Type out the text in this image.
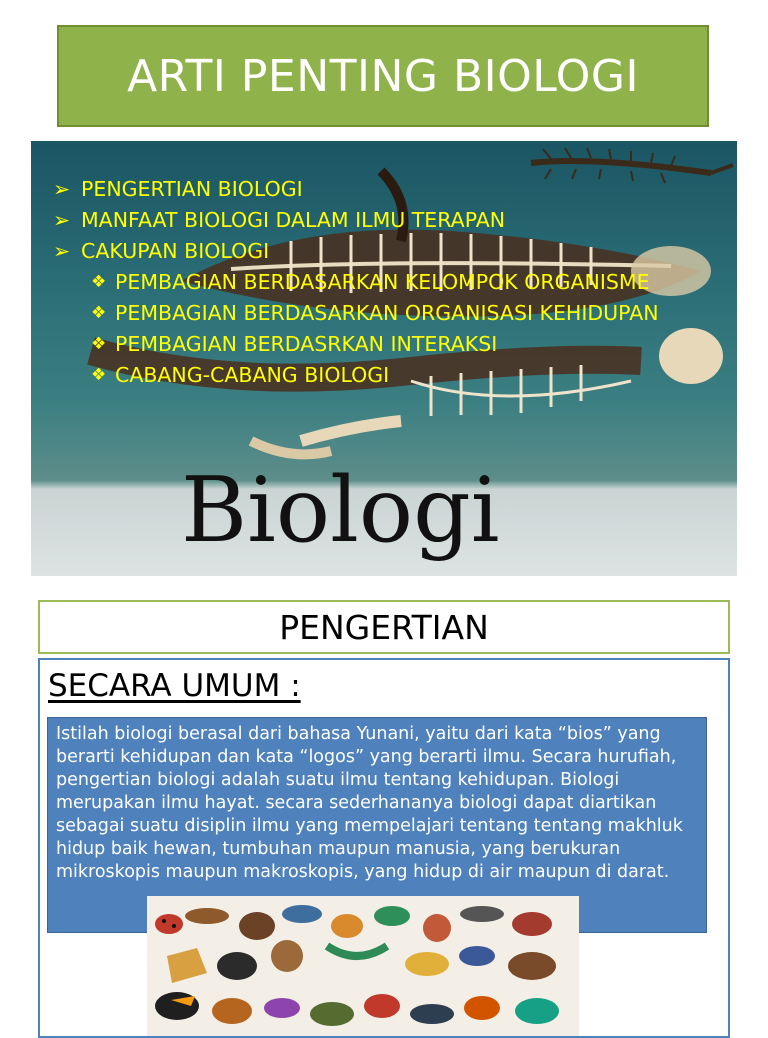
ARTI PENTING BIOLOGI
Biologi
➢ PENGERTIAN BIOLOGI
➢ MANFAAT BIOLOGI DALAM ILMU TERAPAN
➢ CAKUPAN BIOLOGI
❖ PEMBAGIAN BERDASARKAN KELOMPOK ORGANISME
❖ PEMBAGIAN BERDASARKAN ORGANISASI KEHIDUPAN
❖ PEMBAGIAN BERDASRKAN INTERAKSI
❖ CABANG-CABANG BIOLOGI
PENGERTIAN
SECARA UMUM :
Istilah biologi berasal dari bahasa Yunani, yaitu dari kata “bios” yang berarti kehidupan dan kata “logos” yang berarti ilmu. Secara hurufiah, pengertian biologi adalah suatu ilmu tentang kehidupan. Biologi merupakan ilmu hayat. secara sederhananya biologi dapat diartikan sebagai suatu disiplin ilmu yang mempelajari tentang tentang makhluk hidup baik hewan, tumbuhan maupun manusia, yang berukuran mikroskopis maupun makroskopis, yang hidup di air maupun di darat.
